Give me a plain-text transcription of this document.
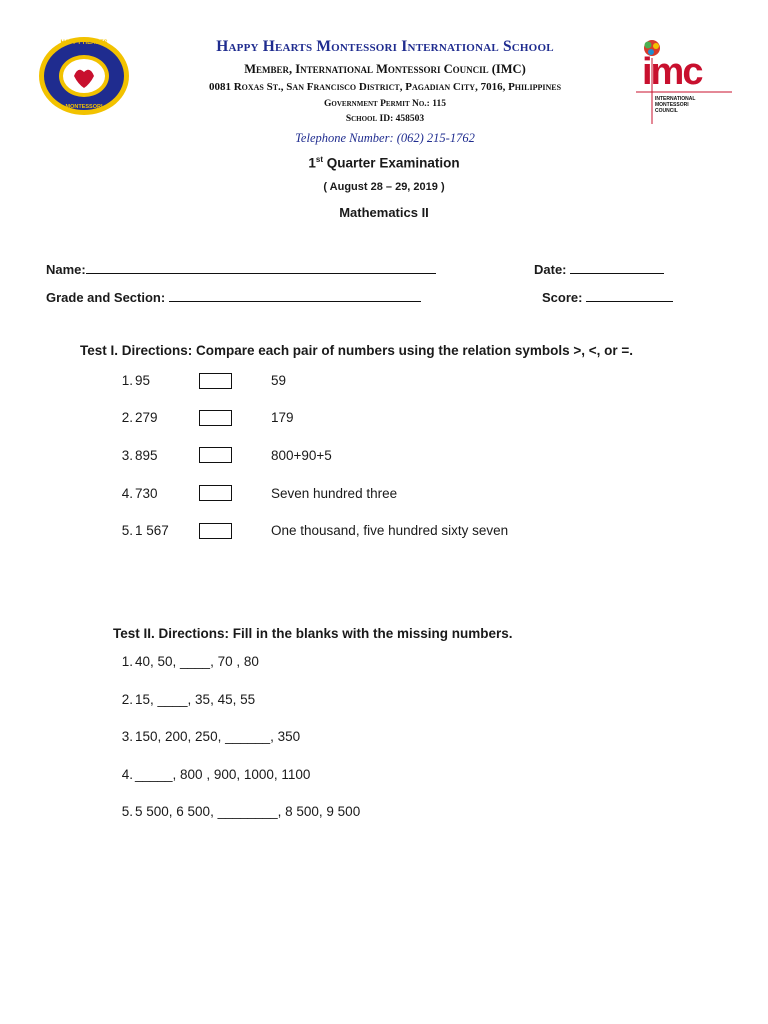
HAPPY HEARTS
MONTESSORI
imc
INTERNATIONAL
MONTESSORI
COUNCIL
Happy Hearts Montessori International School
Member, International Montessori Council (IMC)
0081 Roxas St., San Francisco District, Pagadian City, 7016, Philippines
Government Permit No.: 115
School ID: 458503
Telephone Number: (062) 215-1762
1st Quarter Examination
( August 28 – 29, 2019 )
Mathematics II
Name:	Date:
Grade and Section:	Score:
Test I. Directions: Compare each pair of numbers using the relation symbols >, <, or =.
1. 95	59
2. 279	179
3. 895	800+90+5
4. 730	Seven hundred three
5. 1 567	One thousand, five hundred sixty seven
Test II. Directions: Fill in the blanks with the missing numbers.
1. 40, 50, ____, 70 , 80
2. 15, ____, 35, 45, 55
3. 150, 200, 250, ______, 350
4. _____, 800 , 900, 1000, 1100
5. 5 500, 6 500, ________, 8 500, 9 500
